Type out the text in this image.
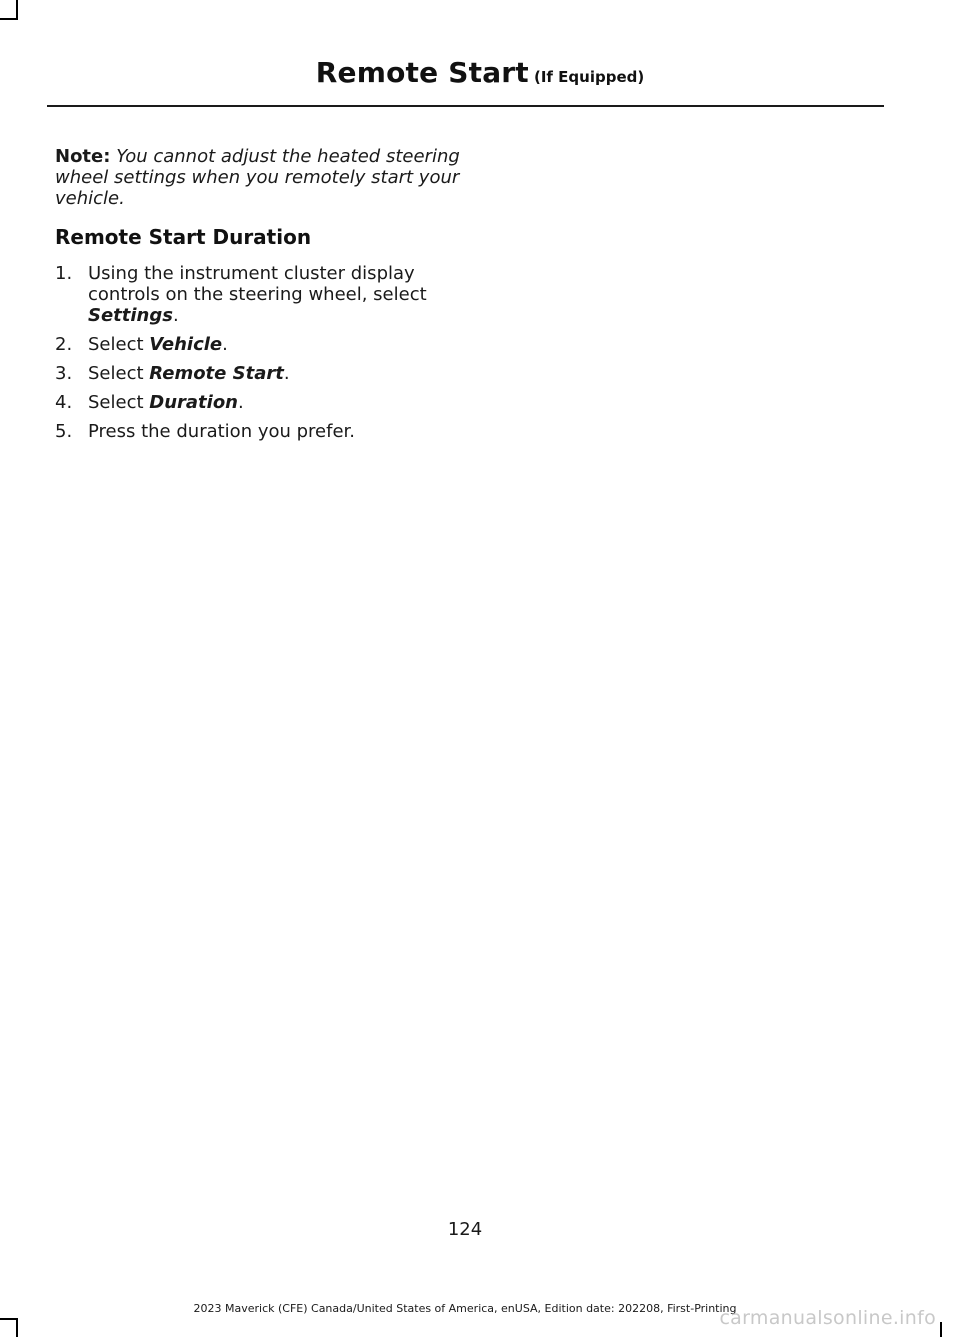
Remote Start (If Equipped)

Note: You cannot adjust the heated steering wheel settings when you remotely start your vehicle.

Remote Start Duration
1. Using the instrument cluster display controls on the steering wheel, select Settings.
2. Select Vehicle.
3. Select Remote Start.
4. Select Duration.
5. Press the duration you prefer.
124
2023 Maverick (CFE) Canada/United States of America, enUSA, Edition date: 202208, First-Printing
carmanualsonline.info
